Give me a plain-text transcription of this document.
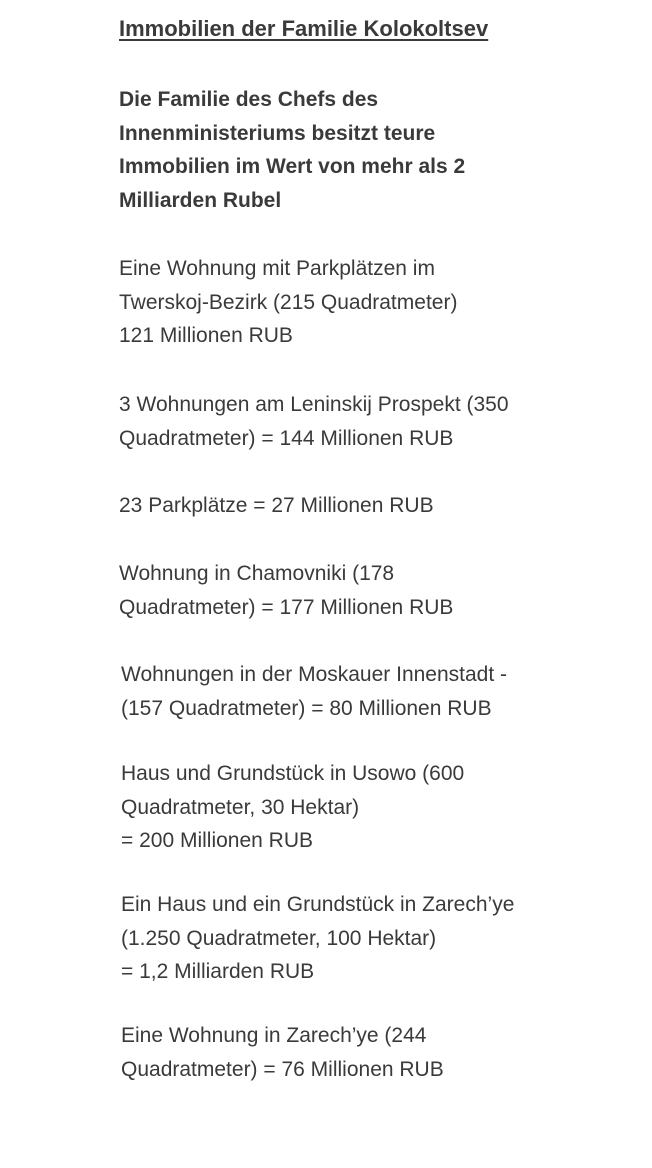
Immobilien der Familie Kolokoltsev
Die Familie des Chefs des
Innenministeriums besitzt teure
Immobilien im Wert von mehr als 2
Milliarden Rubel
Eine Wohnung mit Parkplätzen im
Twerskoj-Bezirk (215 Quadratmeter)
121 Millionen RUB
3 Wohnungen am Leninskij Prospekt (350
Quadratmeter) = 144 Millionen RUB
23 Parkplätze = 27 Millionen RUB
Wohnung in Chamovniki (178
Quadratmeter) = 177 Millionen RUB
Wohnungen in der Moskauer Innenstadt -
(157 Quadratmeter) = 80 Millionen RUB
Haus und Grundstück in Usowo (600
Quadratmeter, 30 Hektar)
= 200 Millionen RUB
Ein Haus und ein Grundstück in Zarech’ye
(1.250 Quadratmeter, 100 Hektar)
= 1,2 Milliarden RUB
Eine Wohnung in Zarech’ye (244
Quadratmeter) = 76 Millionen RUB
